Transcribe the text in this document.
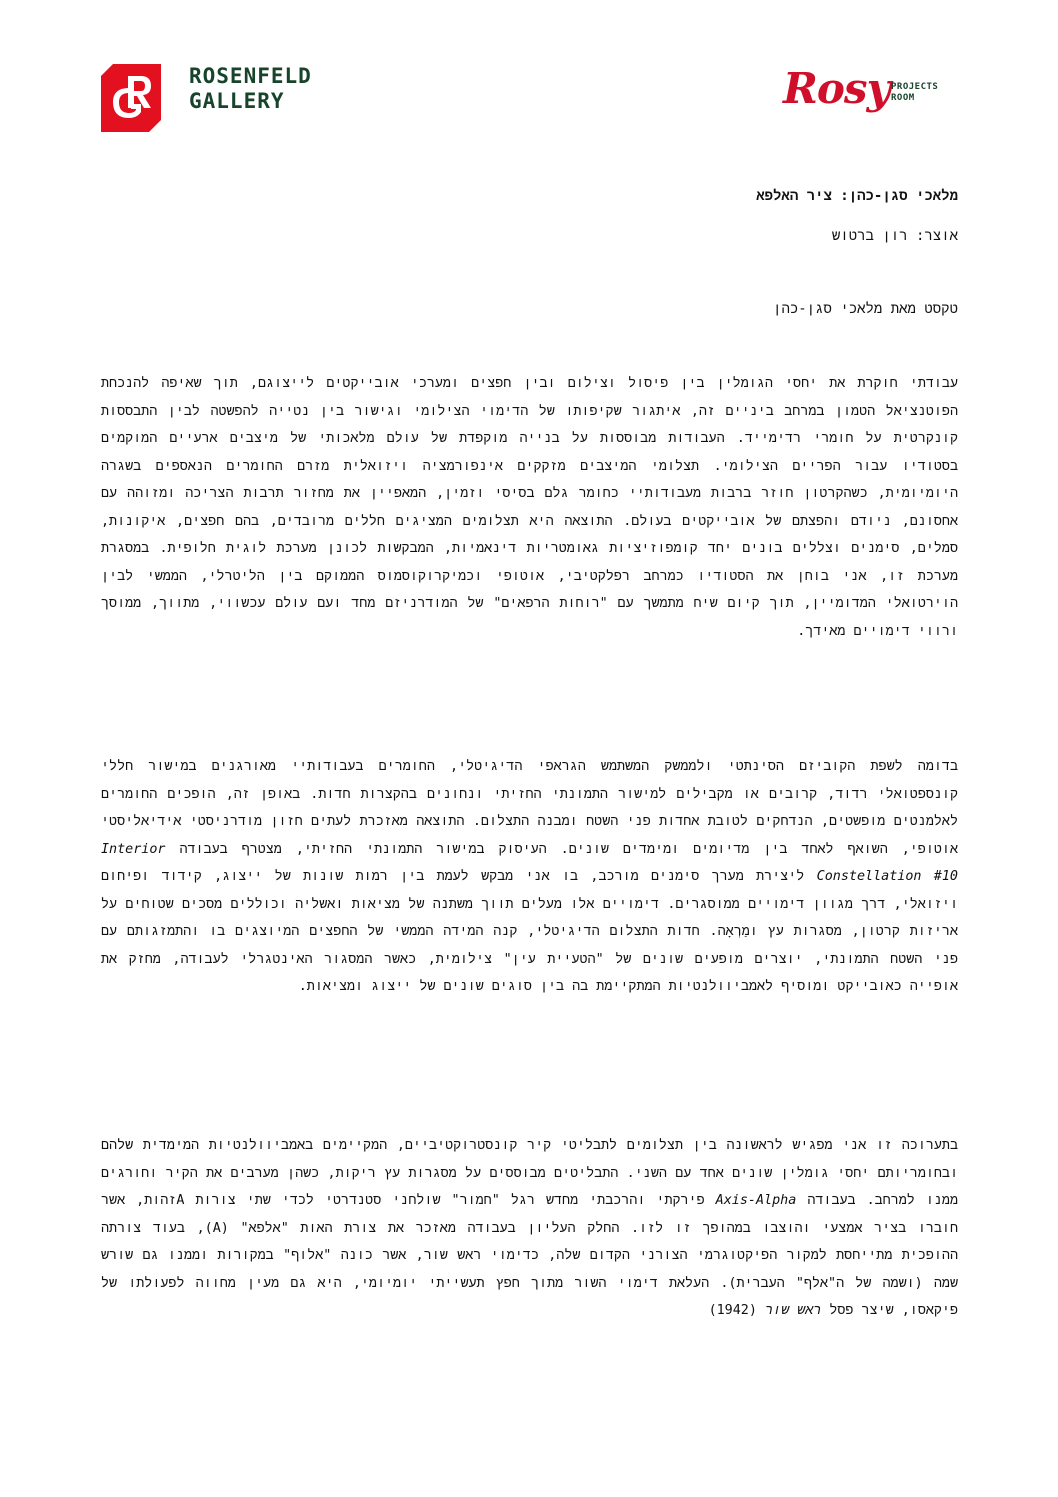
ROSENFELD
GALLERY	Rosy PROJECTS
ROOM
מלאכי סגן-כהן: ציר האלפא
אוצר: רון ברטוש
טקסט מאת מלאכי סגן-כהן
עבודתי חוקרת את יחסי הגומלין בין פיסול וצילום ובין חפצים ומערכי אובייקטים לייצוגם, תוך שאיפה להנכחת הפוטנציאל הטמון במרחב ביניים זה, איתגור שקיפותו של הדימוי הצילומי וגישור בין נטייה להפשטה לבין התבססות קונקרטית על חומרי רדימייד. העבודות מבוססות על בנייה מוקפדת של עולם מלאכותי של מיצבים ארעיים המוקמים בסטודיו עבור הפריים הצילומי. תצלומי המיצבים מזקקים אינפורמציה ויזואלית מזרם החומרים הנאספים בשגרה היומיומית, כשהקרטון חוזר ברבות מעבודותיי כחומר גלם בסיסי וזמין, המאפיין את מחזור תרבות הצריכה ומזוהה עם אחסונם, ניודם והפצתם של אובייקטים בעולם. התוצאה היא תצלומים המציגים חללים מרובדים, בהם חפצים, איקונות, סמלים, סימנים וצללים בונים יחד קומפוזיציות גאומטריות דינאמיות, המבקשות לכונן מערכת לוגית חלופית. במסגרת מערכת זו, אני בוחן את הסטודיו כמרחב רפלקטיבי, אוטופי וכמיקרוקוסמוס הממוקם בין הליטרלי, הממשי לבין הוירטואלי המדומיין, תוך קיום שיח מתמשך עם "רוחות הרפאים" של המודרניזם מחד ועם עולם עכשווי, מתווך, ממוסך ורווי דימויים מאידך.
בדומה לשפת הקוביזם הסינתטי ולממשק המשתמש הגראפי הדיגיטלי, החומרים בעבודותיי מאורגנים במישור חללי קונספטואלי רדוד, קרובים או מקבילים למישור התמונתי החזיתי ונחונים בהקצרות חדות. באופן זה, הופכים החומרים לאלמנטים מופשטים, הנדחקים לטובת אחדות פני השטח ומבנה התצלום. התוצאה מאזכרת לעתים חזון מודרניסטי אידיאליסטי אוטופי, השואף לאחד בין מדיומים ומימדים שונים. העיסוק במישור התמונתי החזיתי, מצטרף בעבודה Interior Constellation #10 ליצירת מערך סימנים מורכב, בו אני מבקש לעמת בין רמות שונות של ייצוג, קידוד ופיחום ויזואלי, דרך מגוון דימויים ממוסגרים. דימויים אלו מעלים תווך משתנה של מציאות ואשליה וכוללים מסכים שטוחים על אריזות קרטון, מסגרות עץ ומַרְאָה. חדות התצלום הדיגיטלי, קנה המידה הממשי של החפצים המיוצגים בו והתמזגותם עם פני השטח התמונתי, יוצרים מופעים שונים של "הטעיית עין" צילומית, כאשר המסגור האינטגרלי לעבודה, מחזק את אופייה כאובייקט ומוסיף לאמביוולנטיות המתקיימת בה בין סוגים שונים של ייצוג ומציאות.
בתערוכה זו אני מפגיש לראשונה בין תצלומים לתבליטי קיר קונסטרוקטיביים, המקיימים באמביוולנטיות המימדית שלהם ובחומריותם יחסי גומלין שונים אחד עם השני. התבליטים מבוססים על מסגרות עץ ריקות, כשהן מערבים את הקיר וחורגים ממנו למרחב. בעבודה Axis-Alpha פירקתי והרכבתי מחדש רגל "חמור" שולחני סטנדרטי לכדי שתי צורות Aזהות, אשר חוברו בציר אמצעי והוצבו במהופך זו לזו. החלק העליון בעבודה מאזכר את צורת האות "אלפא" (A), בעוד צורתה ההופכית מתייחסת למקור הפיקטוגרמי הצורני הקדום שלה, כדימוי ראש שור, אשר כונה "אלוף" במקורות וממנו גם שורש שמה (ושמה של ה"אלף" העברית). העלאת דימוי השור מתוך חפץ תעשייתי יומיומי, היא גם מעין מחווה לפעולתו של פיקאסו, שיצר פסל ראש שור (1942)
